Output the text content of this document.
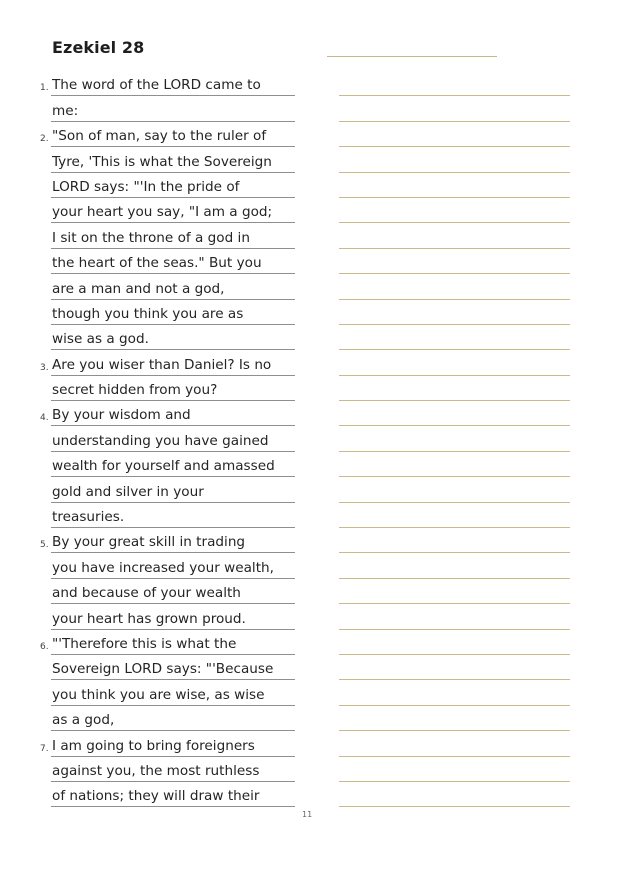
Ezekiel 28
1. The word of the LORD came to
me:
2. "Son of man, say to the ruler of
Tyre, 'This is what the Sovereign
LORD says: "'In the pride of
your heart you say, "I am a god;
I sit on the throne of a god in
the heart of the seas." But you
are a man and not a god,
though you think you are as
wise as a god.
3. Are you wiser than Daniel? Is no
secret hidden from you?
4. By your wisdom and
understanding you have gained
wealth for yourself and amassed
gold and silver in your
treasuries.
5. By your great skill in trading
you have increased your wealth,
and because of your wealth
your heart has grown proud.
6. "'Therefore this is what the
Sovereign LORD says: "'Because
you think you are wise, as wise
as a god,
7. I am going to bring foreigners
against you, the most ruthless
of nations; they will draw their
11
